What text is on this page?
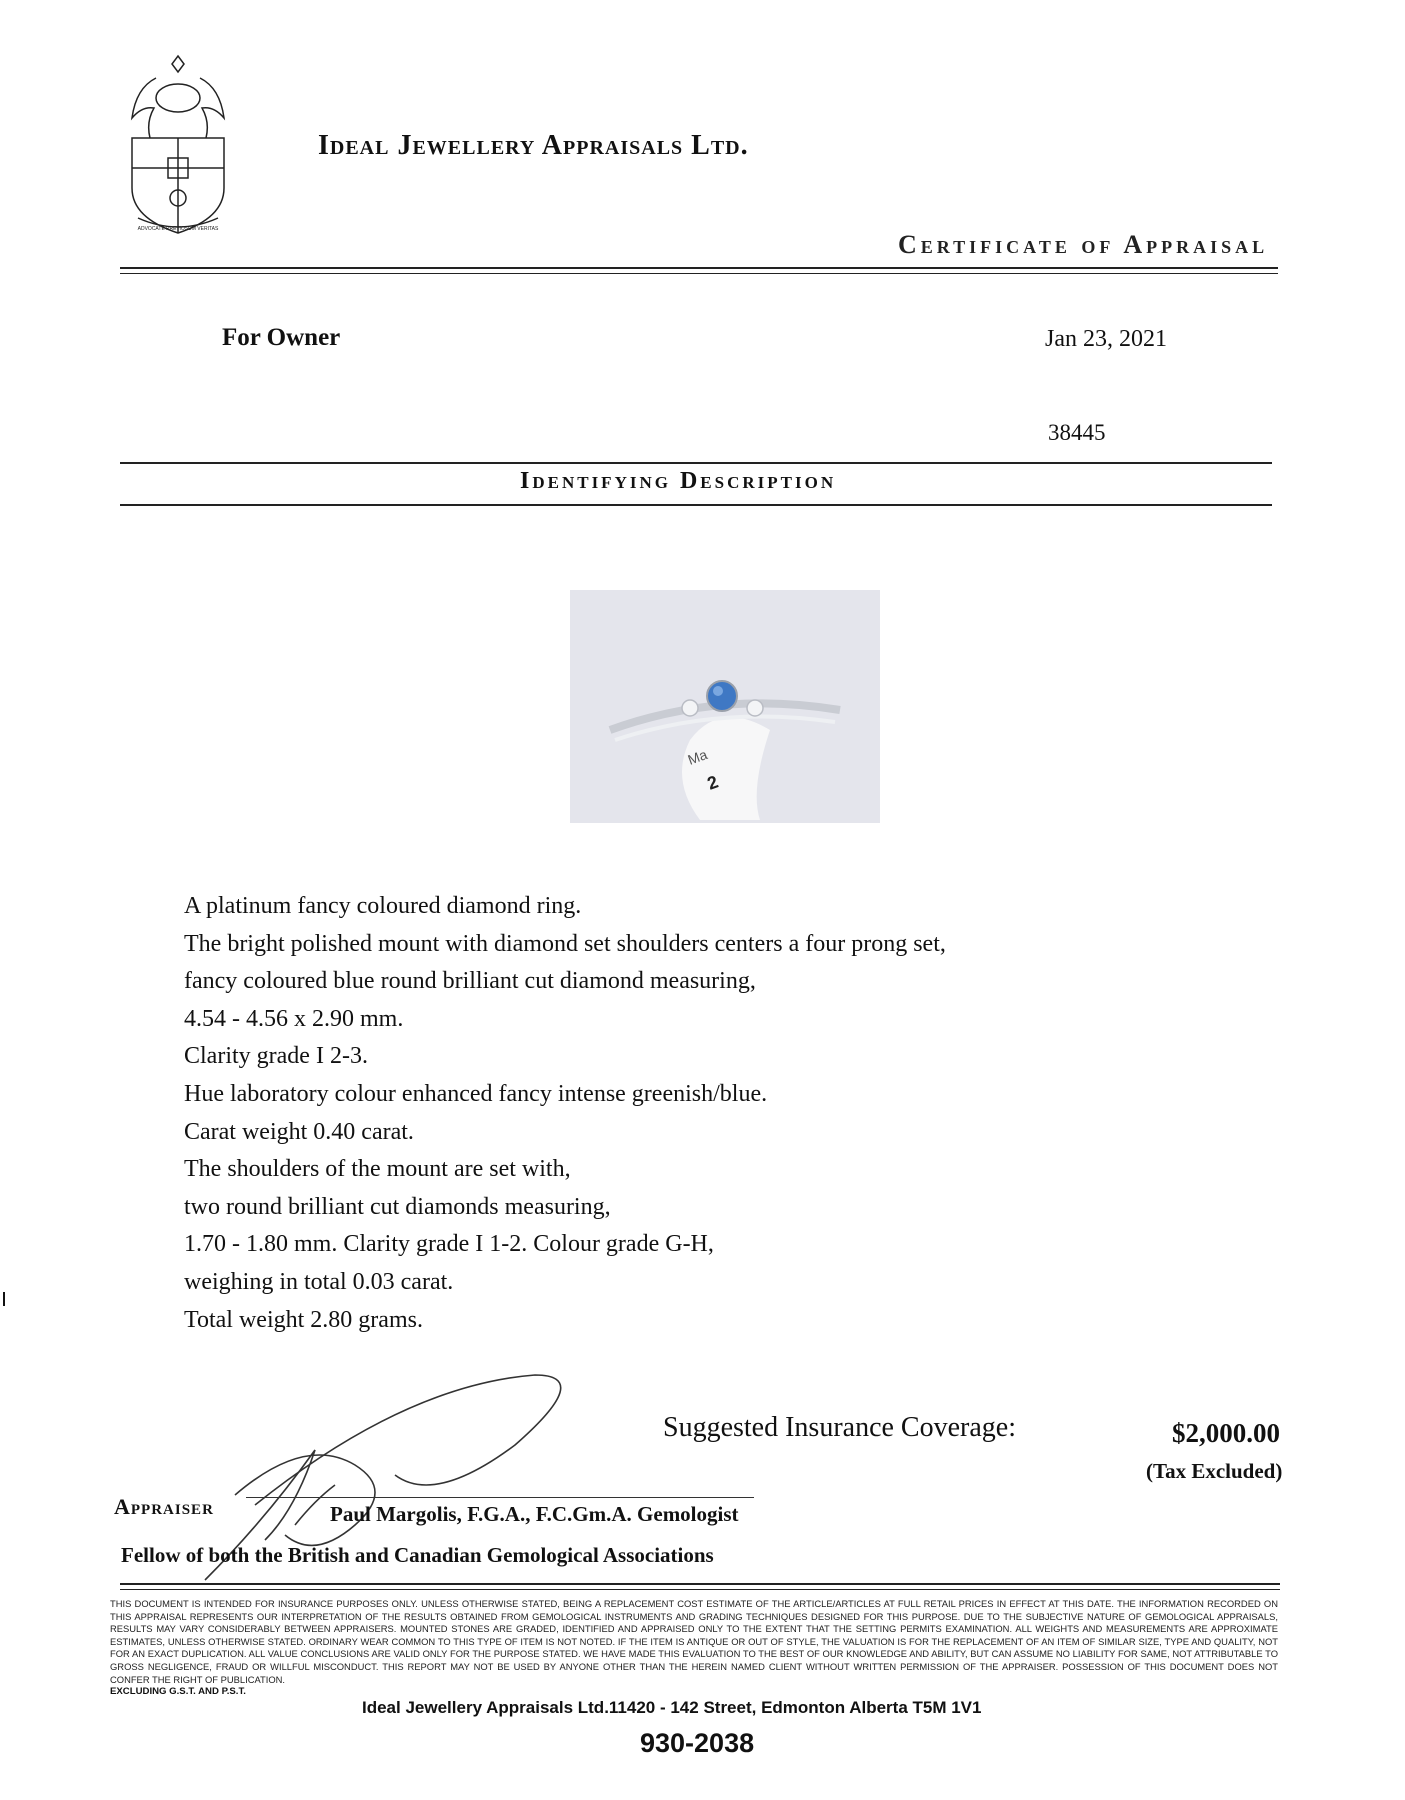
ADVOCATE PRETIOSUM VERITAS
Ideal Jewellery Appraisals Ltd.
Certificate of Appraisal
For Owner	Jan 23, 2021
38445
Identifying Description
Ma
2
A platinum fancy coloured diamond ring.
The bright polished mount with diamond set shoulders centers a four prong set,
fancy coloured blue round brilliant cut diamond measuring,
4.54 - 4.56 x 2.90 mm.
Clarity grade I 2-3.
Hue laboratory colour enhanced fancy intense greenish/blue.
Carat weight 0.40 carat.
The shoulders of the mount are set with,
two round brilliant cut diamonds measuring,
1.70 - 1.80 mm. Clarity grade I 1-2. Colour grade G-H,
weighing in total 0.03 carat.
Total weight 2.80 grams.
Suggested Insurance Coverage:	$2,000.00
(Tax Excluded)
Appraiser	Paul Margolis, F.G.A., F.C.Gm.A. Gemologist
Fellow of both the British and Canadian Gemological Associations
THIS DOCUMENT IS INTENDED FOR INSURANCE PURPOSES ONLY. UNLESS OTHERWISE STATED, BEING A REPLACEMENT COST ESTIMATE OF THE ARTICLE/ARTICLES AT FULL RETAIL PRICES IN EFFECT AT THIS DATE. THE INFORMATION RECORDED ON THIS APPRAISAL REPRESENTS OUR INTERPRETATION OF THE RESULTS OBTAINED FROM GEMOLOGICAL INSTRUMENTS AND GRADING TECHNIQUES DESIGNED FOR THIS PURPOSE. DUE TO THE SUBJECTIVE NATURE OF GEMOLOGICAL APPRAISALS, RESULTS MAY VARY CONSIDERABLY BETWEEN APPRAISERS. MOUNTED STONES ARE GRADED, IDENTIFIED AND APPRAISED ONLY TO THE EXTENT THAT THE SETTING PERMITS EXAMINATION. ALL WEIGHTS AND MEASUREMENTS ARE APPROXIMATE ESTIMATES, UNLESS OTHERWISE STATED. ORDINARY WEAR COMMON TO THIS TYPE OF ITEM IS NOT NOTED. IF THE ITEM IS ANTIQUE OR OUT OF STYLE, THE VALUATION IS FOR THE REPLACEMENT OF AN ITEM OF SIMILAR SIZE, TYPE AND QUALITY, NOT FOR AN EXACT DUPLICATION. ALL VALUE CONCLUSIONS ARE VALID ONLY FOR THE PURPOSE STATED. WE HAVE MADE THIS EVALUATION TO THE BEST OF OUR KNOWLEDGE AND ABILITY, BUT CAN ASSUME NO LIABILITY FOR SAME, NOT ATTRIBUTABLE TO GROSS NEGLIGENCE, FRAUD OR WILLFUL MISCONDUCT. THIS REPORT MAY NOT BE USED BY ANYONE OTHER THAN THE HEREIN NAMED CLIENT WITHOUT WRITTEN PERMISSION OF THE APPRAISER. POSSESSION OF THIS DOCUMENT DOES NOT CONFER THE RIGHT OF PUBLICATION.
EXCLUDING G.S.T. AND P.S.T.
Ideal Jewellery Appraisals Ltd.11420 - 142 Street, Edmonton Alberta T5M 1V1
930-2038
